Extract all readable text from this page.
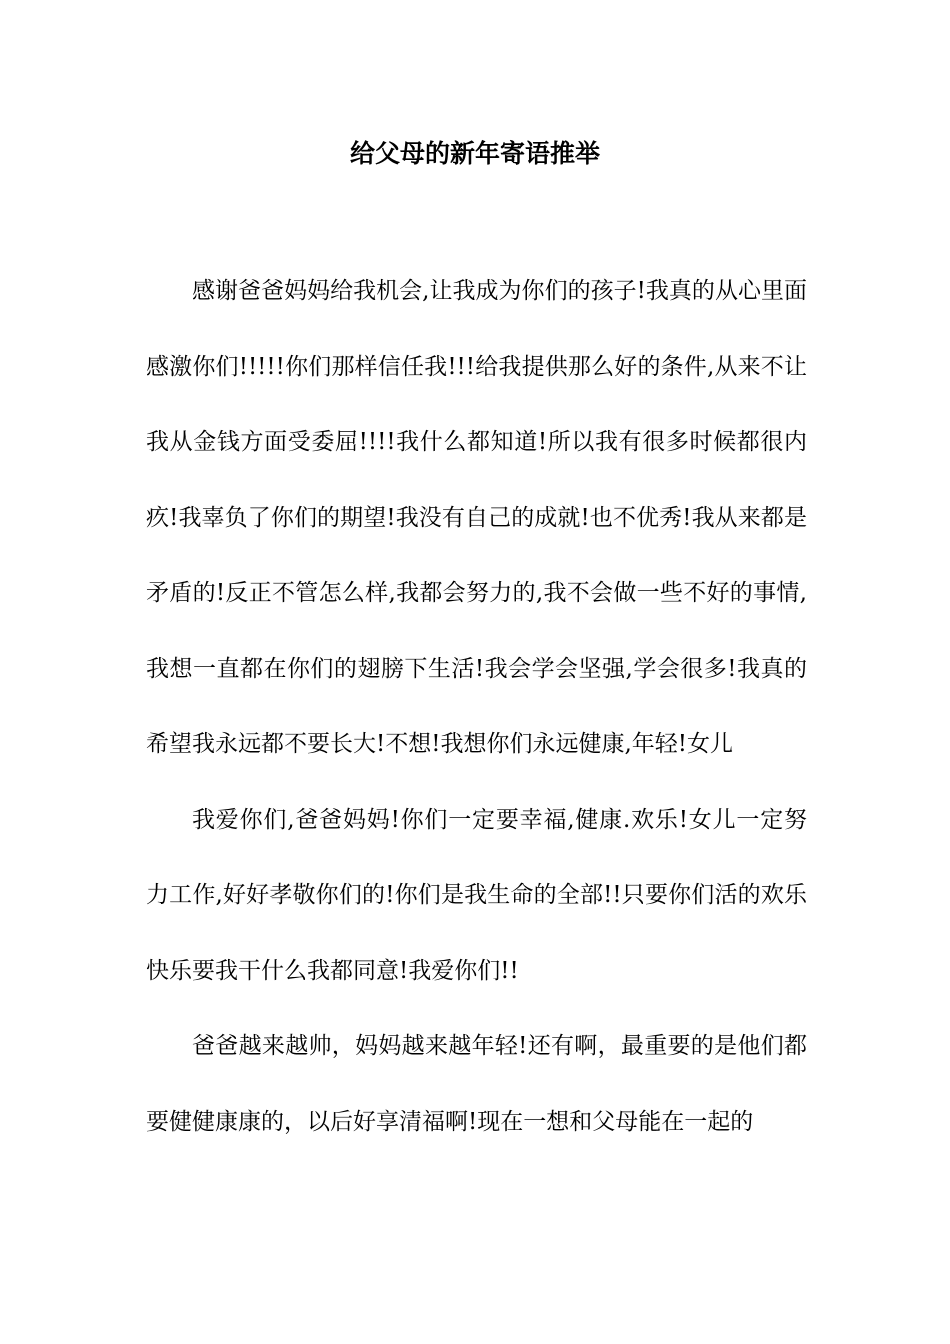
给父母的新年寄语推举

感谢爸爸妈妈给我机会,让我成为你们的孩子!我真的从心里面感激你们!!!!!你们那样信任我!!!给我提供那么好的条件,从来不让我从金钱方面受委屈!!!!我什么都知道!所以我有很多时候都很内疚!我辜负了你们的期望!我没有自己的成就!也不优秀!我从来都是矛盾的!反正不管怎么样,我都会努力的,我不会做一些不好的事情,我想一直都在你们的翅膀下生活!我会学会坚强,学会很多!我真的希望我永远都不要长大!不想!我想你们永远健康,年轻!女儿

我爱你们,爸爸妈妈!你们一定要幸福,健康.欢乐!女儿一定努力工作,好好孝敬你们的!你们是我生命的全部!!只要你们活的欢乐快乐要我干什么我都同意!我爱你们!!

爸爸越来越帅，妈妈越来越年轻!还有啊，最重要的是他们都要健健康康的，以后好享清福啊!现在一想和父母能在一起的
